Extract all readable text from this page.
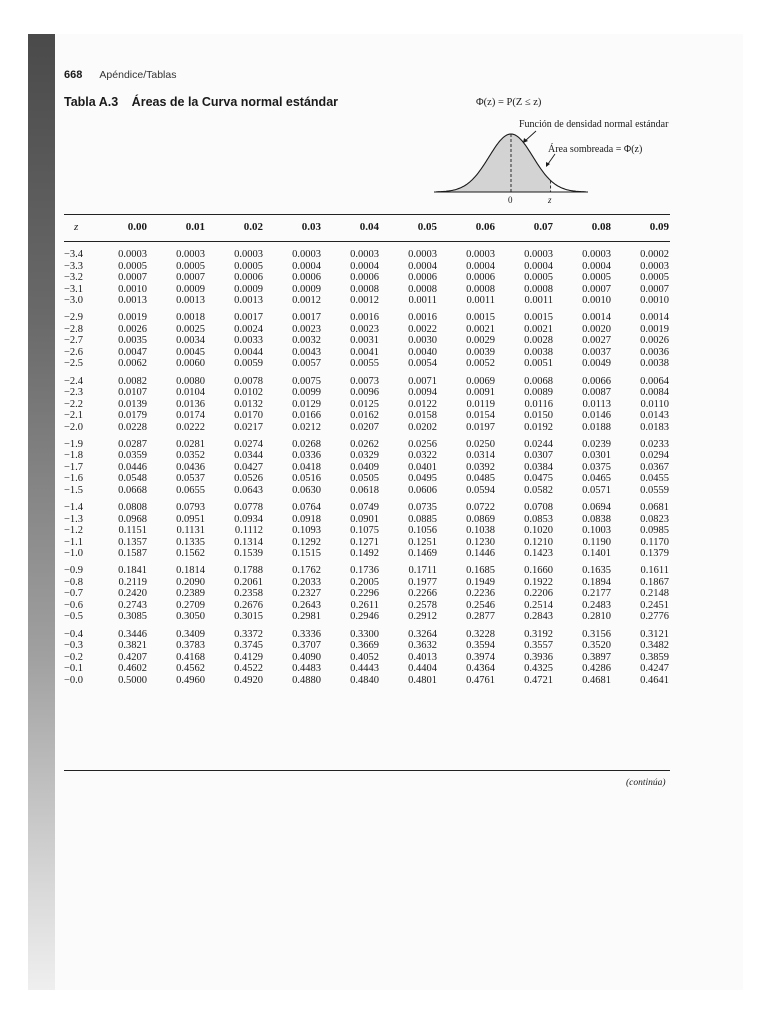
668 Apéndice/Tablas
Tabla A.3 Áreas de la Curva normal estándar	Φ(z) = P(Z ≤ z)
Función de densidad normal estándar
Área sombreada = Φ(z)
0	z
z	0.00	0.01	0.02	0.03	0.04	0.05	0.06	0.07	0.08	0.09
−3.4	0.0003	0.0003	0.0003	0.0003	0.0003	0.0003	0.0003	0.0003	0.0003	0.0002
−3.3	0.0005	0.0005	0.0005	0.0004	0.0004	0.0004	0.0004	0.0004	0.0004	0.0003
−3.2	0.0007	0.0007	0.0006	0.0006	0.0006	0.0006	0.0006	0.0005	0.0005	0.0005
−3.1	0.0010	0.0009	0.0009	0.0009	0.0008	0.0008	0.0008	0.0008	0.0007	0.0007
−3.0	0.0013	0.0013	0.0013	0.0012	0.0012	0.0011	0.0011	0.0011	0.0010	0.0010
−2.9	0.0019	0.0018	0.0017	0.0017	0.0016	0.0016	0.0015	0.0015	0.0014	0.0014
−2.8	0.0026	0.0025	0.0024	0.0023	0.0023	0.0022	0.0021	0.0021	0.0020	0.0019
−2.7	0.0035	0.0034	0.0033	0.0032	0.0031	0.0030	0.0029	0.0028	0.0027	0.0026
−2.6	0.0047	0.0045	0.0044	0.0043	0.0041	0.0040	0.0039	0.0038	0.0037	0.0036
−2.5	0.0062	0.0060	0.0059	0.0057	0.0055	0.0054	0.0052	0.0051	0.0049	0.0038
−2.4	0.0082	0.0080	0.0078	0.0075	0.0073	0.0071	0.0069	0.0068	0.0066	0.0064
−2.3	0.0107	0.0104	0.0102	0.0099	0.0096	0.0094	0.0091	0.0089	0.0087	0.0084
−2.2	0.0139	0.0136	0.0132	0.0129	0.0125	0.0122	0.0119	0.0116	0.0113	0.0110
−2.1	0.0179	0.0174	0.0170	0.0166	0.0162	0.0158	0.0154	0.0150	0.0146	0.0143
−2.0	0.0228	0.0222	0.0217	0.0212	0.0207	0.0202	0.0197	0.0192	0.0188	0.0183
−1.9	0.0287	0.0281	0.0274	0.0268	0.0262	0.0256	0.0250	0.0244	0.0239	0.0233
−1.8	0.0359	0.0352	0.0344	0.0336	0.0329	0.0322	0.0314	0.0307	0.0301	0.0294
−1.7	0.0446	0.0436	0.0427	0.0418	0.0409	0.0401	0.0392	0.0384	0.0375	0.0367
−1.6	0.0548	0.0537	0.0526	0.0516	0.0505	0.0495	0.0485	0.0475	0.0465	0.0455
−1.5	0.0668	0.0655	0.0643	0.0630	0.0618	0.0606	0.0594	0.0582	0.0571	0.0559
−1.4	0.0808	0.0793	0.0778	0.0764	0.0749	0.0735	0.0722	0.0708	0.0694	0.0681
−1.3	0.0968	0.0951	0.0934	0.0918	0.0901	0.0885	0.0869	0.0853	0.0838	0.0823
−1.2	0.1151	0.1131	0.1112	0.1093	0.1075	0.1056	0.1038	0.1020	0.1003	0.0985
−1.1	0.1357	0.1335	0.1314	0.1292	0.1271	0.1251	0.1230	0.1210	0.1190	0.1170
−1.0	0.1587	0.1562	0.1539	0.1515	0.1492	0.1469	0.1446	0.1423	0.1401	0.1379
−0.9	0.1841	0.1814	0.1788	0.1762	0.1736	0.1711	0.1685	0.1660	0.1635	0.1611
−0.8	0.2119	0.2090	0.2061	0.2033	0.2005	0.1977	0.1949	0.1922	0.1894	0.1867
−0.7	0.2420	0.2389	0.2358	0.2327	0.2296	0.2266	0.2236	0.2206	0.2177	0.2148
−0.6	0.2743	0.2709	0.2676	0.2643	0.2611	0.2578	0.2546	0.2514	0.2483	0.2451
−0.5	0.3085	0.3050	0.3015	0.2981	0.2946	0.2912	0.2877	0.2843	0.2810	0.2776
−0.4	0.3446	0.3409	0.3372	0.3336	0.3300	0.3264	0.3228	0.3192	0.3156	0.3121
−0.3	0.3821	0.3783	0.3745	0.3707	0.3669	0.3632	0.3594	0.3557	0.3520	0.3482
−0.2	0.4207	0.4168	0.4129	0.4090	0.4052	0.4013	0.3974	0.3936	0.3897	0.3859
−0.1	0.4602	0.4562	0.4522	0.4483	0.4443	0.4404	0.4364	0.4325	0.4286	0.4247
−0.0	0.5000	0.4960	0.4920	0.4880	0.4840	0.4801	0.4761	0.4721	0.4681	0.4641
(continúa)
